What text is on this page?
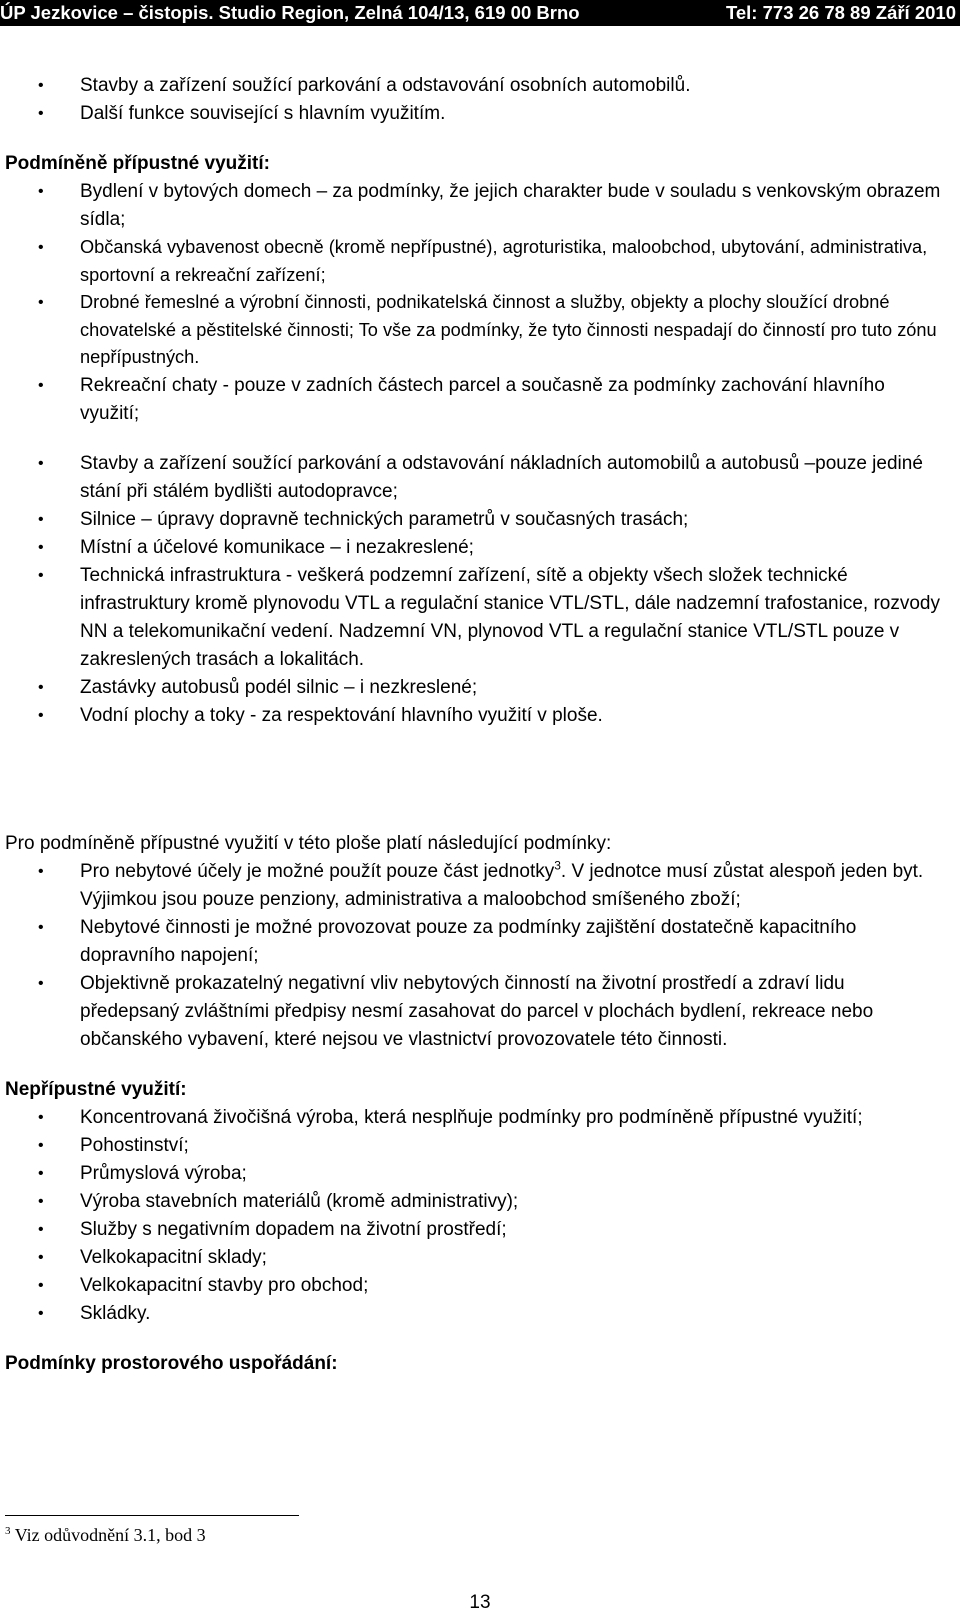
ÚP Jezkovice – čistopis. Studio Region, Zelná 104/13, 619 00 Brno	Tel: 773 26 78 89 Září 2010
• Stavby a zařízení soužící parkování a odstavování osobních automobilů.
• Další funkce související s hlavním využitím.
Podmíněně přípustné využití:
• Bydlení v bytových domech – za podmínky, že jejich charakter bude v souladu s venkovským obrazem sídla;
• Občanská vybavenost obecně (kromě nepřípustné), agroturistika, maloobchod, ubytování, administrativa, sportovní a rekreační zařízení;
• Drobné řemeslné a výrobní činnosti, podnikatelská činnost a služby, objekty a plochy sloužící drobné chovatelské a pěstitelské činnosti; To vše za podmínky, že tyto činnosti nespadají do činností pro tuto zónu nepřípustných.
• Rekreační chaty - pouze v zadních částech parcel a současně za podmínky zachování hlavního využití;
• Stavby a zařízení soužící parkování a odstavování nákladních automobilů a autobusů –pouze jediné stání při stálém bydlišti autodopravce;
• Silnice – úpravy dopravně technických parametrů v současných trasách;
• Místní a účelové komunikace – i nezakreslené;
• Technická infrastruktura - veškerá podzemní zařízení, sítě a objekty všech složek technické infrastruktury kromě plynovodu VTL a regulační stanice VTL/STL, dále nadzemní trafostanice, rozvody NN a telekomunikační vedení. Nadzemní VN, plynovod VTL a regulační stanice VTL/STL pouze v zakreslených trasách a lokalitách.
• Zastávky autobusů podél silnic – i nezkreslené;
• Vodní plochy a toky - za respektování hlavního využití v ploše.
Pro podmíněně přípustné využití v této ploše platí následující podmínky:
• Pro nebytové účely je možné použít pouze část jednotky$^3$. V jednotce musí zůstat alespoň jeden byt. Výjimkou jsou pouze penziony, administrativa a maloobchod smíšeného zboží;
• Nebytové činnosti je možné provozovat pouze za podmínky zajištění dostatečně kapacitního dopravního napojení;
• Objektivně prokazatelný negativní vliv nebytových činností na životní prostředí a zdraví lidu předepsaný zvláštními předpisy nesmí zasahovat do parcel v plochách bydlení, rekreace nebo občanského vybavení, které nejsou ve vlastnictví provozovatele této činnosti.
Nepřípustné využití:
• Koncentrovaná živočišná výroba, která nesplňuje podmínky pro podmíněně přípustné využití;
• Pohostinství;
• Průmyslová výroba;
• Výroba stavebních materiálů (kromě administrativy);
• Služby s negativním dopadem na životní prostředí;
• Velkokapacitní sklady;
• Velkokapacitní stavby pro obchod;
• Skládky.
Podmínky prostorového uspořádání:
$^3$ Viz odůvodnění 3.1, bod 3
13
